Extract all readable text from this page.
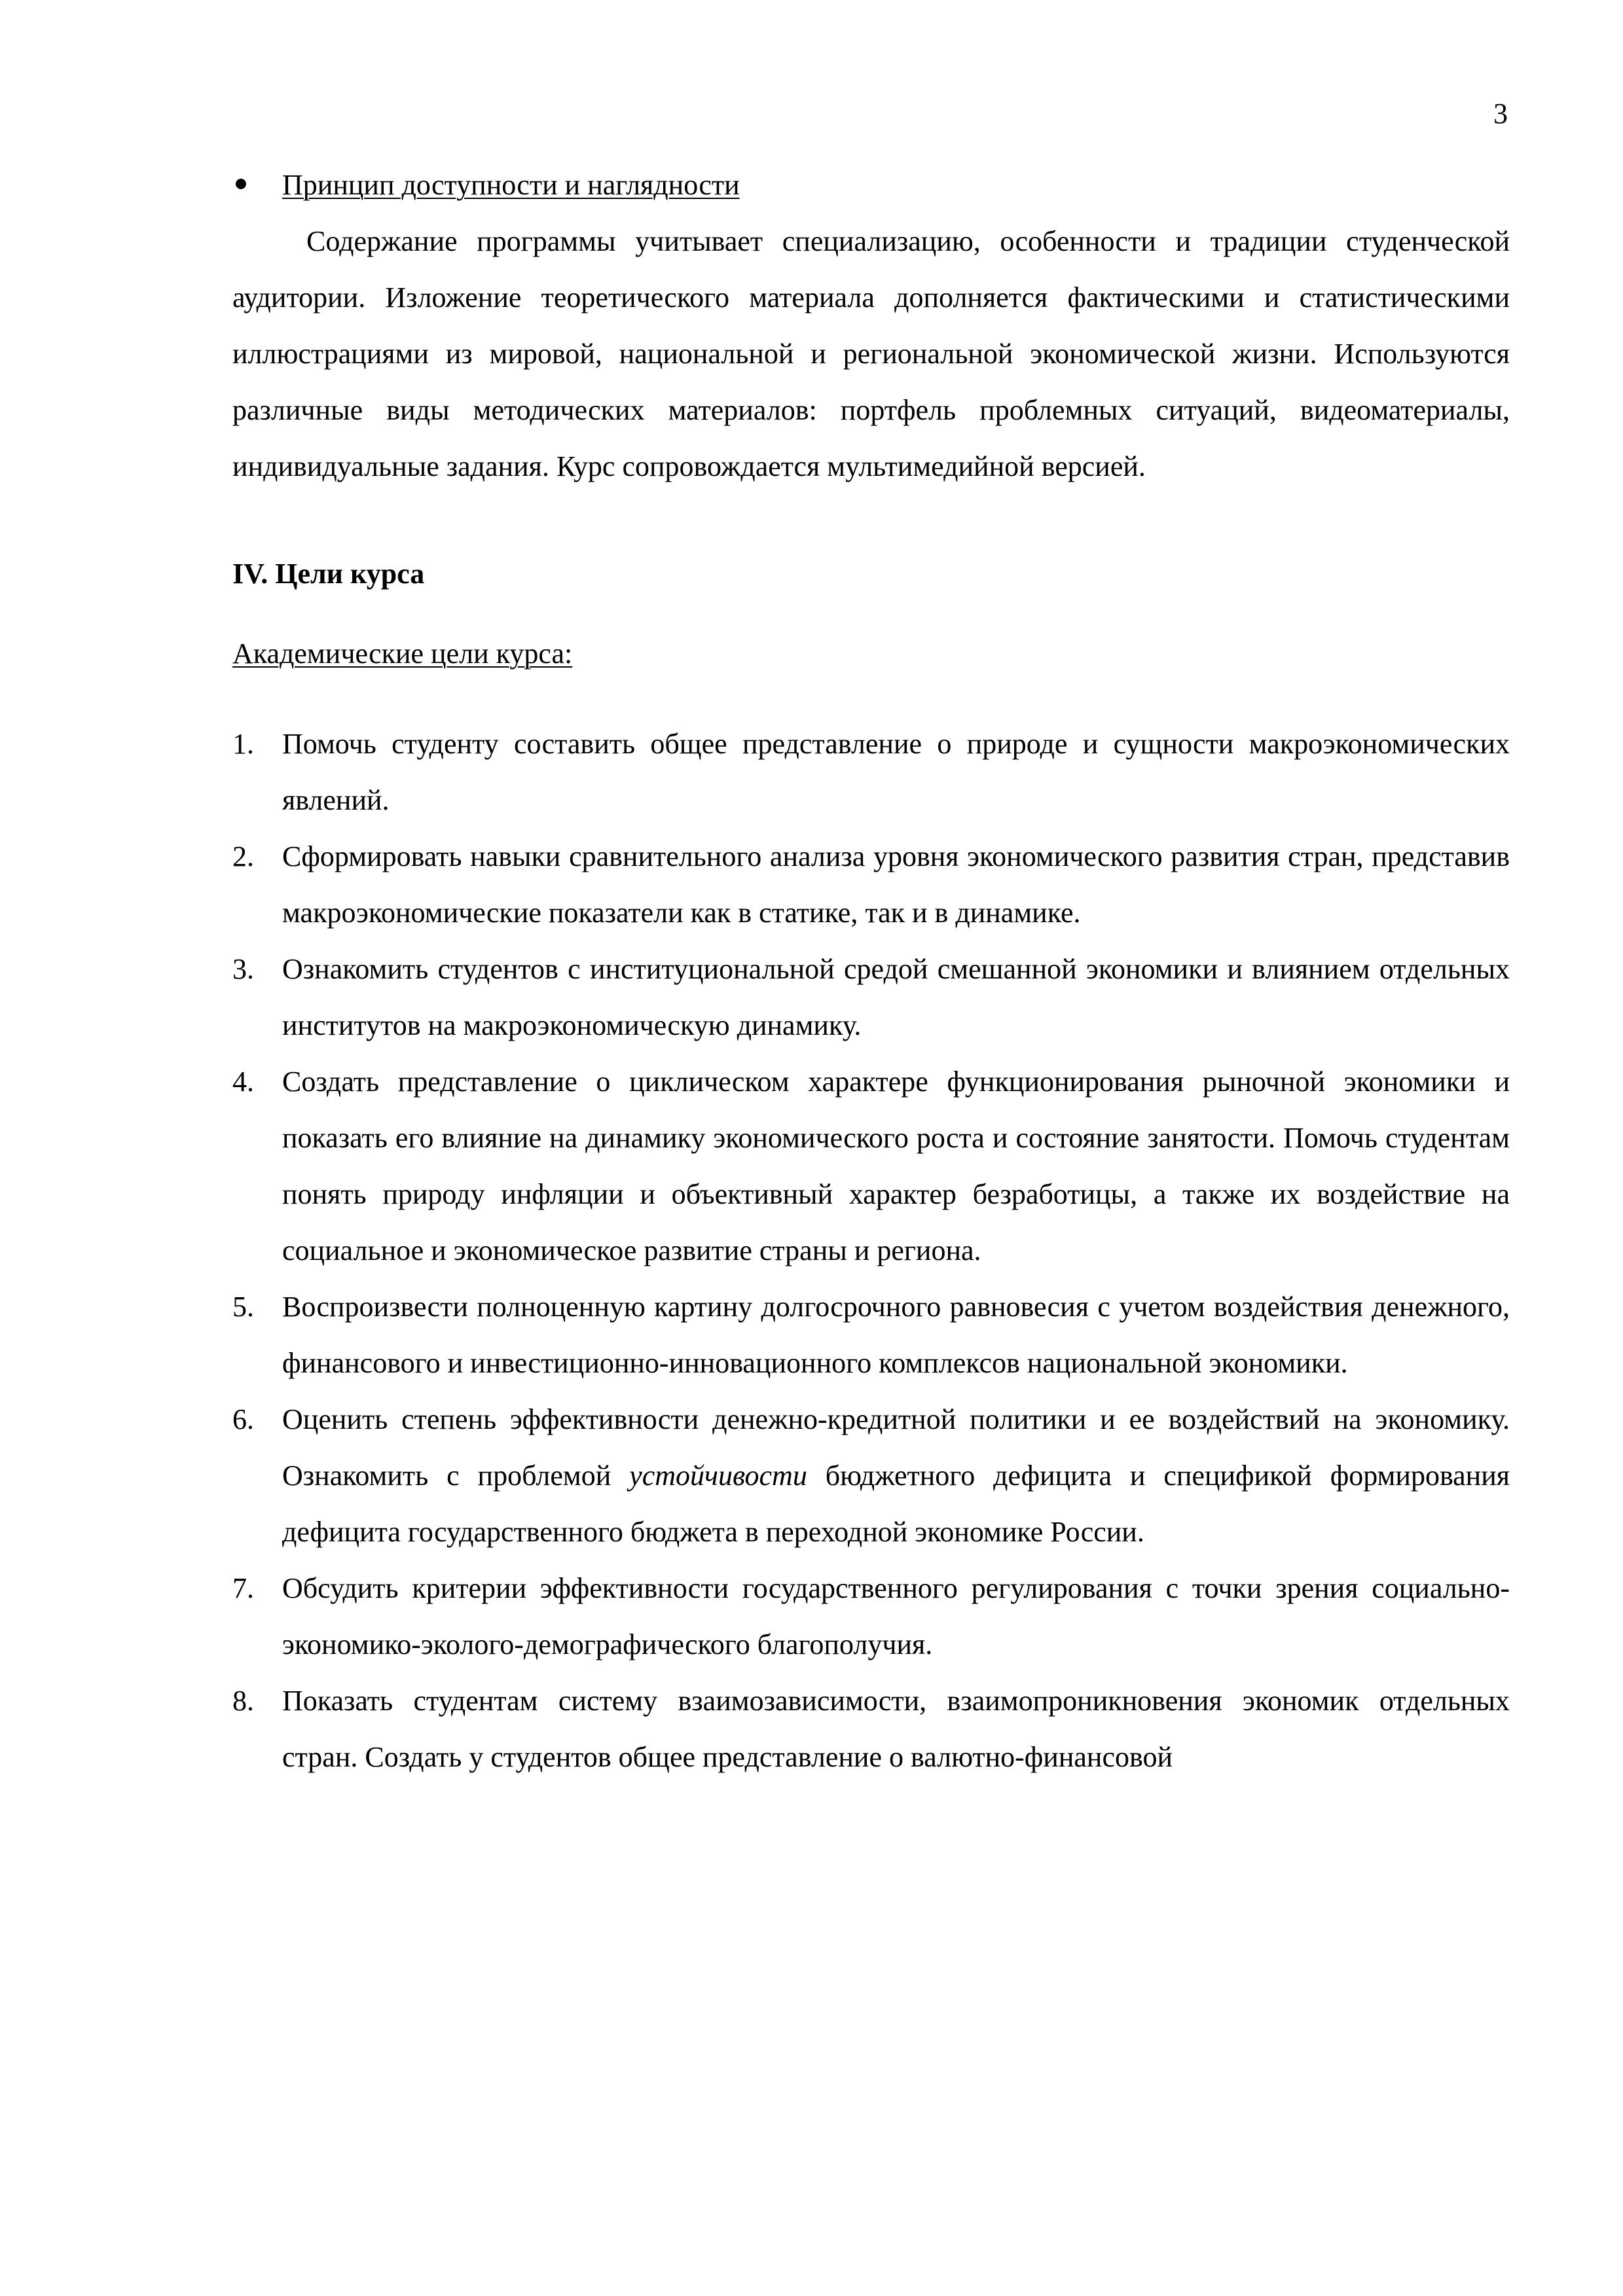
3
Принцип доступности и наглядности

Содержание программы учитывает специализацию, особенности и традиции студенческой аудитории. Изложение теоретического материала дополняется фактическими и статистическими иллюстрациями из мировой, национальной и региональной экономической жизни. Используются различные виды методических материалов: портфель проблемных ситуаций, видеоматериалы, индивидуальные задания. Курс сопровождается мультимедийной версией.

IV. Цели курса
Академические цели курса:
1. Помочь студенту составить общее представление о природе и сущности макроэкономических явлений.
2. Сформировать навыки сравнительного анализа уровня экономического развития стран, представив макроэкономические показатели как в статике, так и в динамике.
3. Ознакомить студентов с институциональной средой смешанной экономики и влиянием отдельных институтов на макроэкономическую динамику.
4. Создать представление о циклическом характере функционирования рыночной экономики и показать его влияние на динамику экономического роста и состояние занятости. Помочь студентам понять природу инфляции и объективный характер безработицы, а также их воздействие на социальное и экономическое развитие страны и региона.
5. Воспроизвести полноценную картину долгосрочного равновесия с учетом воздействия денежного, финансового и инвестиционно-инновационного комплексов национальной экономики.
6. Оценить степень эффективности денежно-кредитной политики и ее воздействий на экономику. Ознакомить с проблемой устойчивости бюджетного дефицита и спецификой формирования дефицита государственного бюджета в переходной экономике России.
7. Обсудить критерии эффективности государственного регулирования с точки зрения социально-экономико-эколого-демографического благополучия.
8. Показать студентам систему взаимозависимости, взаимопроникновения экономик отдельных стран. Создать у студентов общее представление о валютно-финансовой
